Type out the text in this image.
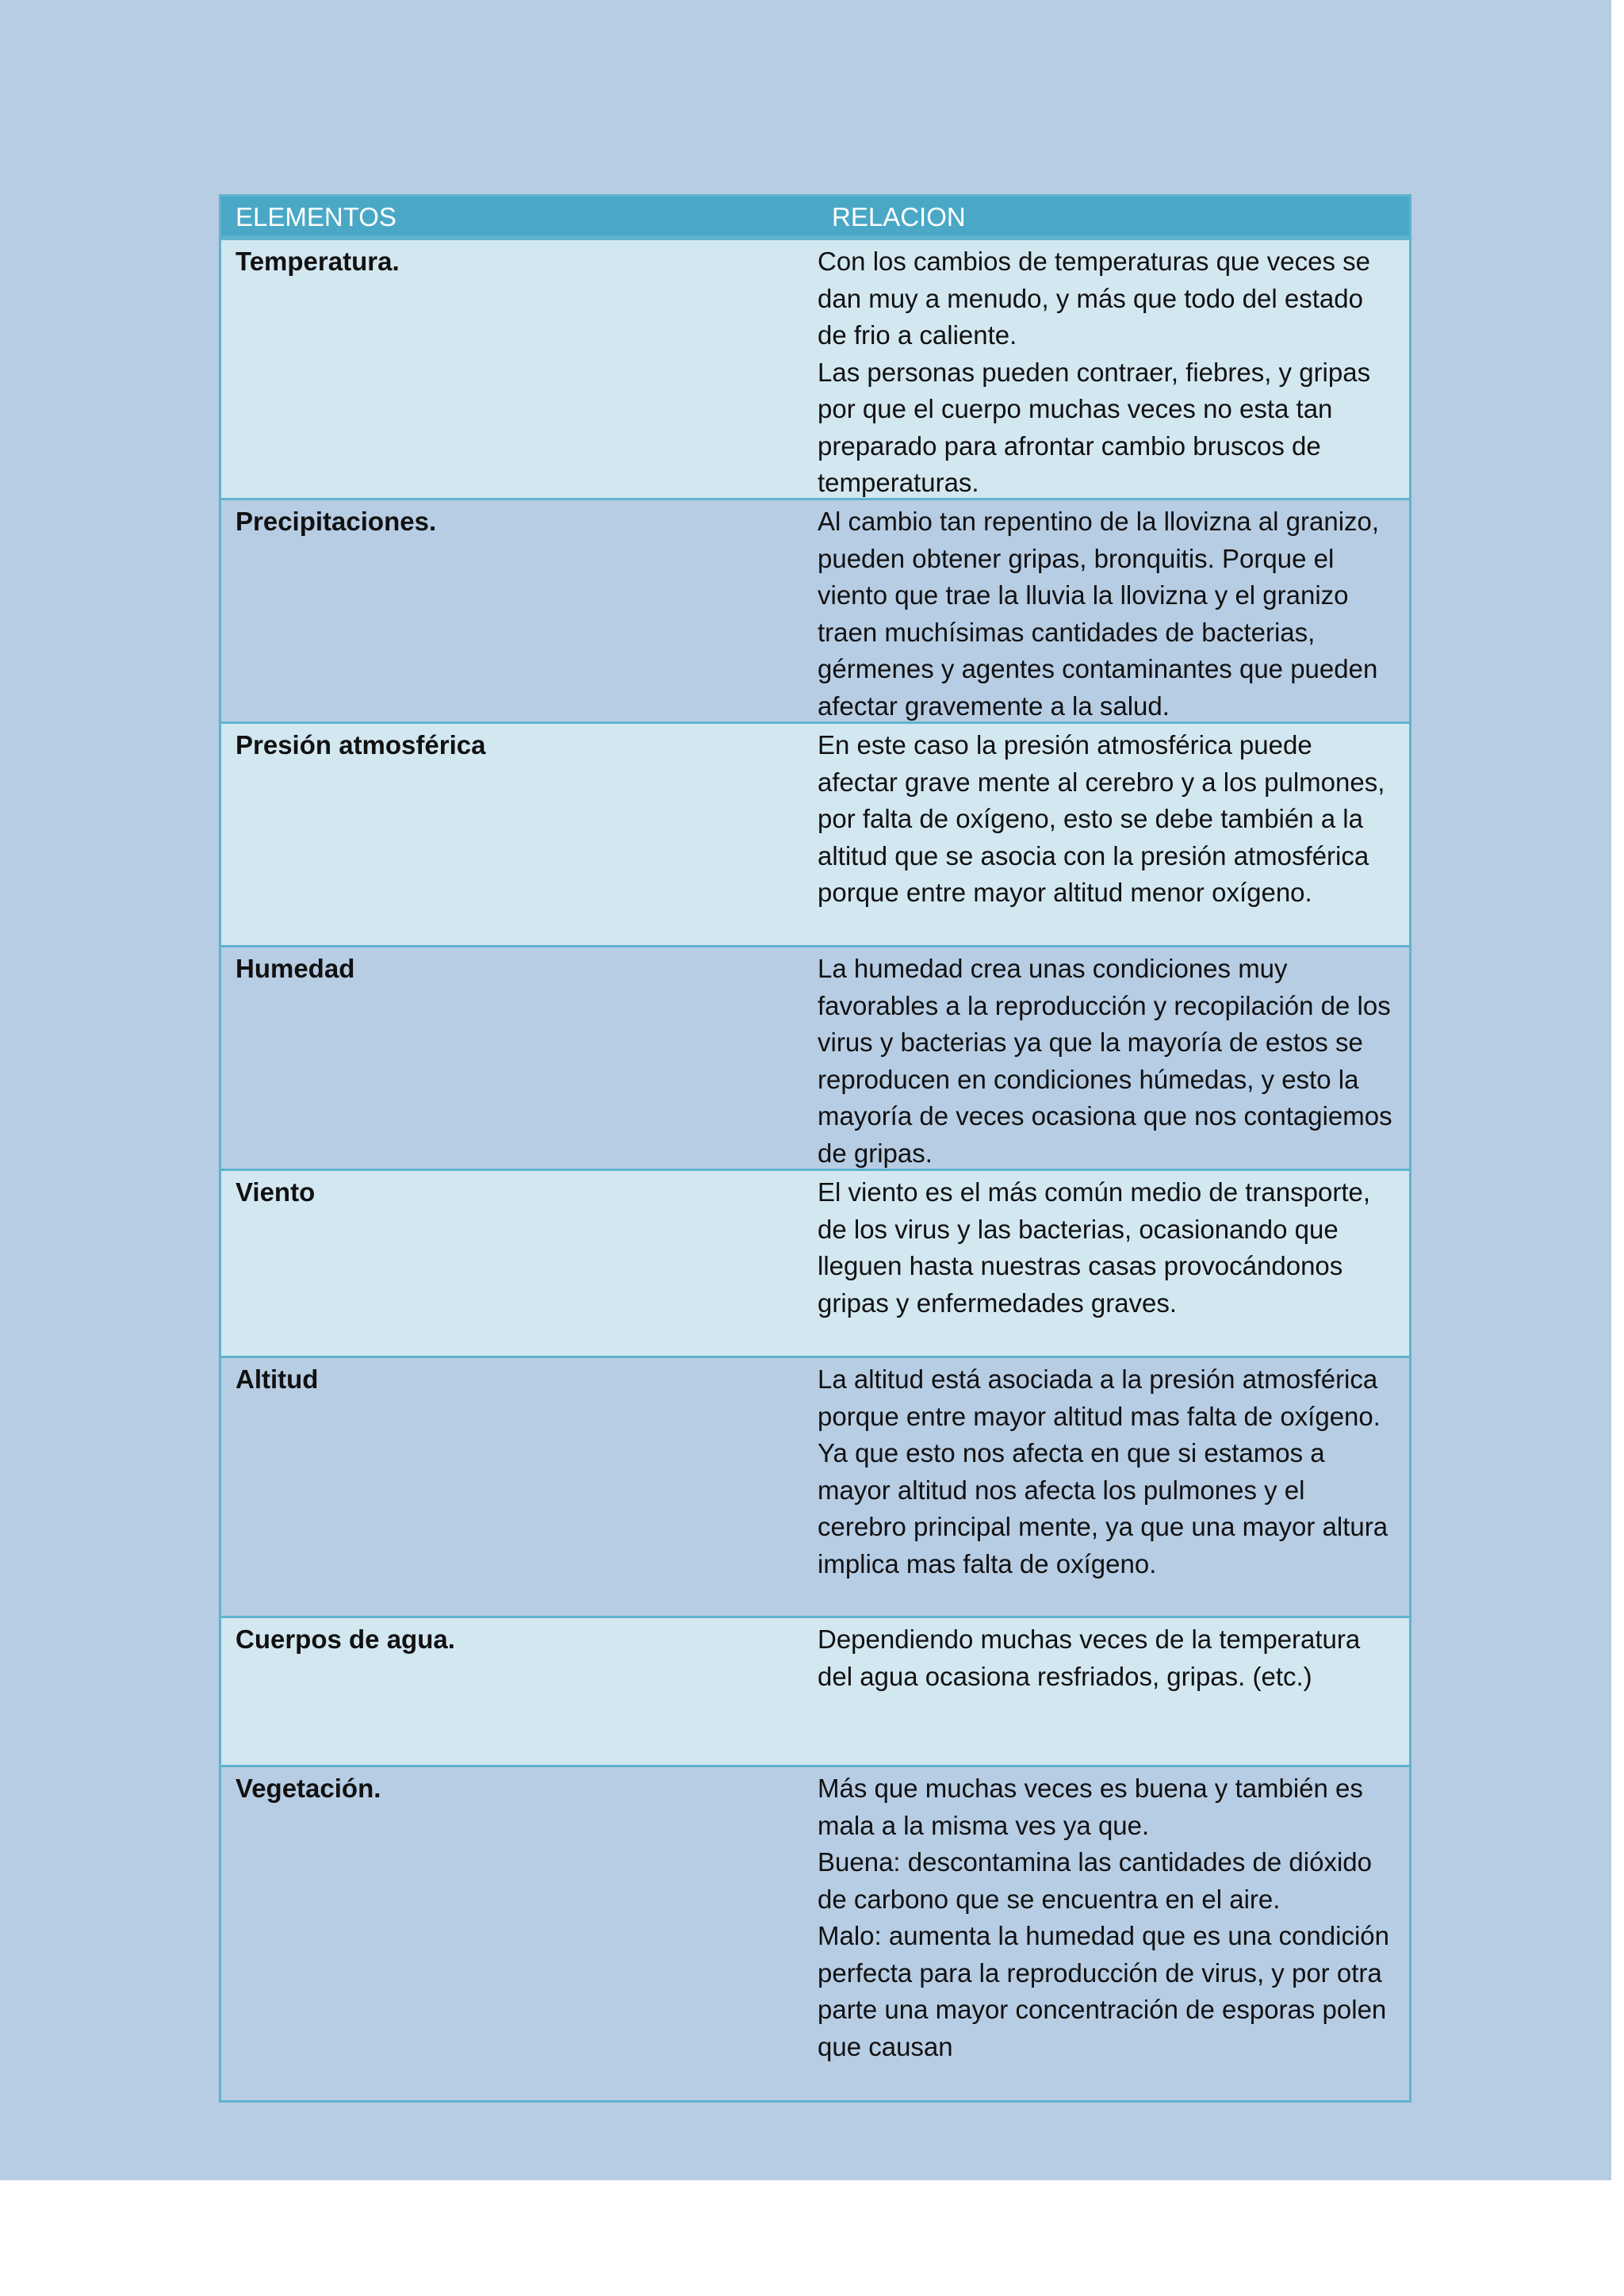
ELEMENTOS	RELACION
Temperatura.	Con los cambios de temperaturas que veces se dan muy a menudo, y más que todo del estado de frio a caliente.

Las personas pueden contraer, fiebres, y gripas por que el cuerpo muchas veces no esta tan preparado para afrontar cambio bruscos de temperaturas.

Precipitaciones.	Al cambio tan repentino de la llovizna al granizo, pueden obtener gripas, bronquitis. Porque el viento que trae la lluvia la llovizna y el granizo traen muchísimas cantidades de bacterias, gérmenes y agentes contaminantes que pueden afectar gravemente a la salud.

Presión atmosférica	En este caso la presión atmosférica puede afectar grave mente al cerebro y a los pulmones, por falta de oxígeno, esto se debe también a la altitud que se asocia con la presión atmosférica porque entre mayor altitud menor oxígeno.

Humedad	La humedad crea unas condiciones muy favorables a la reproducción y recopilación de los virus y bacterias ya que la mayoría de estos se reproducen en condiciones húmedas, y esto la mayoría de veces ocasiona que nos contagiemos de gripas.

Viento	El viento es el más común medio de transporte, de los virus y las bacterias, ocasionando que lleguen hasta nuestras casas provocándonos gripas y enfermedades graves.

Altitud	La altitud está asociada a la presión atmosférica porque entre mayor altitud mas falta de oxígeno.

Ya que esto nos afecta en que si estamos a mayor altitud nos afecta los pulmones y el cerebro principal mente, ya que una mayor altura implica mas falta de oxígeno.

Cuerpos de agua.	Dependiendo muchas veces de la temperatura del agua ocasiona resfriados, gripas. (etc.)

Vegetación.	Más que muchas veces es buena y también es mala a la misma ves ya que.

Buena: descontamina las cantidades de dióxido de carbono que se encuentra en el aire.

Malo: aumenta la humedad que es una condición perfecta para la reproducción de virus, y por otra parte una mayor concentración de esporas polen que causan
